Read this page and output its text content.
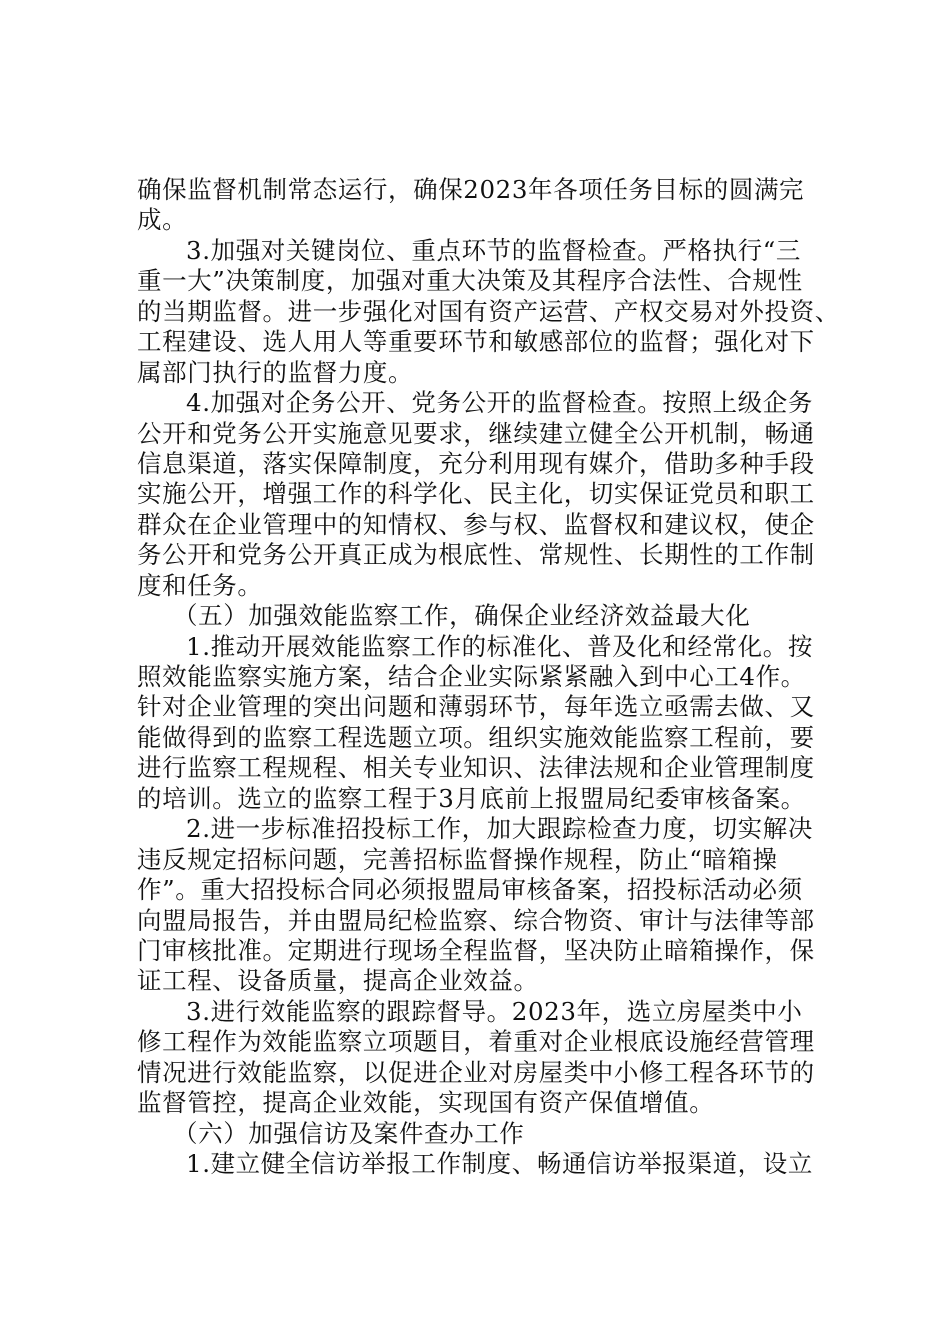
确保监督机制常态运行，确保2023年各项任务目标的圆满完
成。
3.加强对关键岗位、重点环节的监督检查。严格执行“三
重一大”决策制度，加强对重大决策及其程序合法性、合规性
的当期监督。进一步强化对国有资产运营、产权交易对外投资、
工程建设、选人用人等重要环节和敏感部位的监督；强化对下
属部门执行的监督力度。
4.加强对企务公开、党务公开的监督检查。按照上级企务
公开和党务公开实施意见要求，继续建立健全公开机制，畅通
信息渠道，落实保障制度，充分利用现有媒介，借助多种手段
实施公开，增强工作的科学化、民主化，切实保证党员和职工
群众在企业管理中的知情权、参与权、监督权和建议权，使企
务公开和党务公开真正成为根底性、常规性、长期性的工作制
度和任务。
（五）加强效能监察工作，确保企业经济效益最大化
1.推动开展效能监察工作的标准化、普及化和经常化。按
照效能监察实施方案，结合企业实际紧紧融入到中心工4作。
针对企业管理的突出问题和薄弱环节，每年选立亟需去做、又
能做得到的监察工程选题立项。组织实施效能监察工程前，要
进行监察工程规程、相关专业知识、法律法规和企业管理制度
的培训。选立的监察工程于3月底前上报盟局纪委审核备案。
2.进一步标准招投标工作，加大跟踪检查力度，切实解决
违反规定招标问题，完善招标监督操作规程，防止“暗箱操
作”。重大招投标合同必须报盟局审核备案，招投标活动必须
向盟局报告，并由盟局纪检监察、综合物资、审计与法律等部
门审核批准。定期进行现场全程监督，坚决防止暗箱操作，保
证工程、设备质量，提高企业效益。
3.进行效能监察的跟踪督导。2023年，选立房屋类中小
修工程作为效能监察立项题目，着重对企业根底设施经营管理
情况进行效能监察，以促进企业对房屋类中小修工程各环节的
监督管控，提高企业效能，实现国有资产保值增值。
（六）加强信访及案件查办工作
1.建立健全信访举报工作制度、畅通信访举报渠道，设立
